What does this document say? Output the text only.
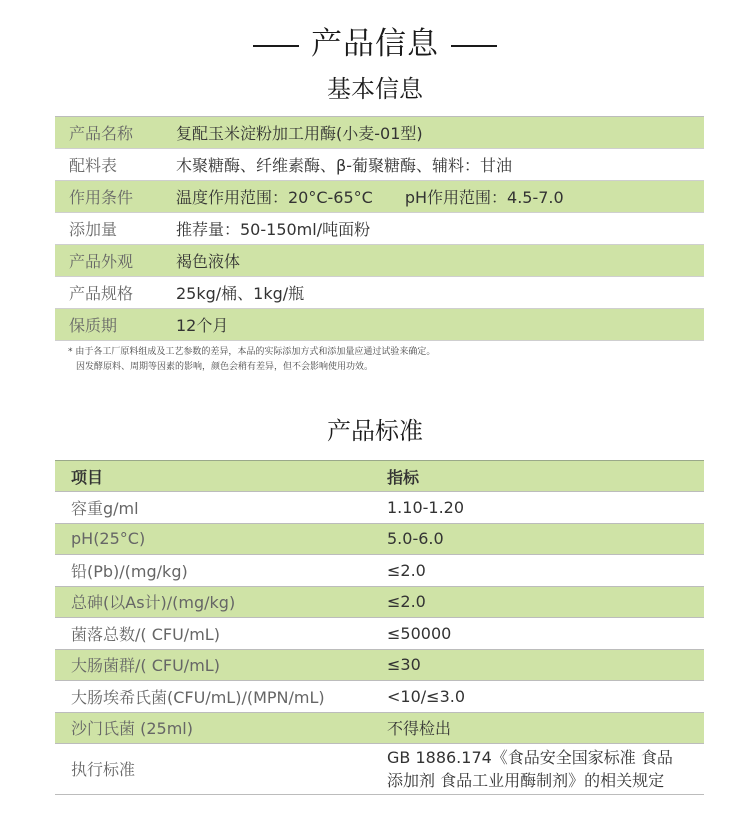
产品信息
基本信息
产品名称	复配玉米淀粉加工用酶(小麦-01型)
配料表	木聚糖酶、纤维素酶、β-葡聚糖酶、辅料：甘油
作用条件	温度作用范围：20°C-65°C pH作用范围：4.5-7.0
添加量	推荐量：50-150ml/吨面粉
产品外观	褐色液体
产品规格	25kg/桶、1kg/瓶
保质期	12个月
* 由于各工厂原料组成及工艺参数的差异，本品的实际添加方式和添加量应通过试验来确定。
因发酵原料、周期等因素的影响，颜色会稍有差异，但不会影响使用功效。
产品标准
项目	指标
容重g/ml	1.10-1.20
pH(25°C)	5.0-6.0
铅(Pb)/(mg/kg)	≤2.0
总砷(以As计)/(mg/kg)	≤2.0
菌落总数/( CFU/mL)	≤50000
大肠菌群/( CFU/mL)	≤30
大肠埃希氏菌(CFU/mL)/(MPN/mL)	<10/≤3.0
沙门氏菌 (25ml)	不得检出
执行标准	GB 1886.174《食品安全国家标准 食品
添加剂 食品工业用酶制剂》的相关规定
